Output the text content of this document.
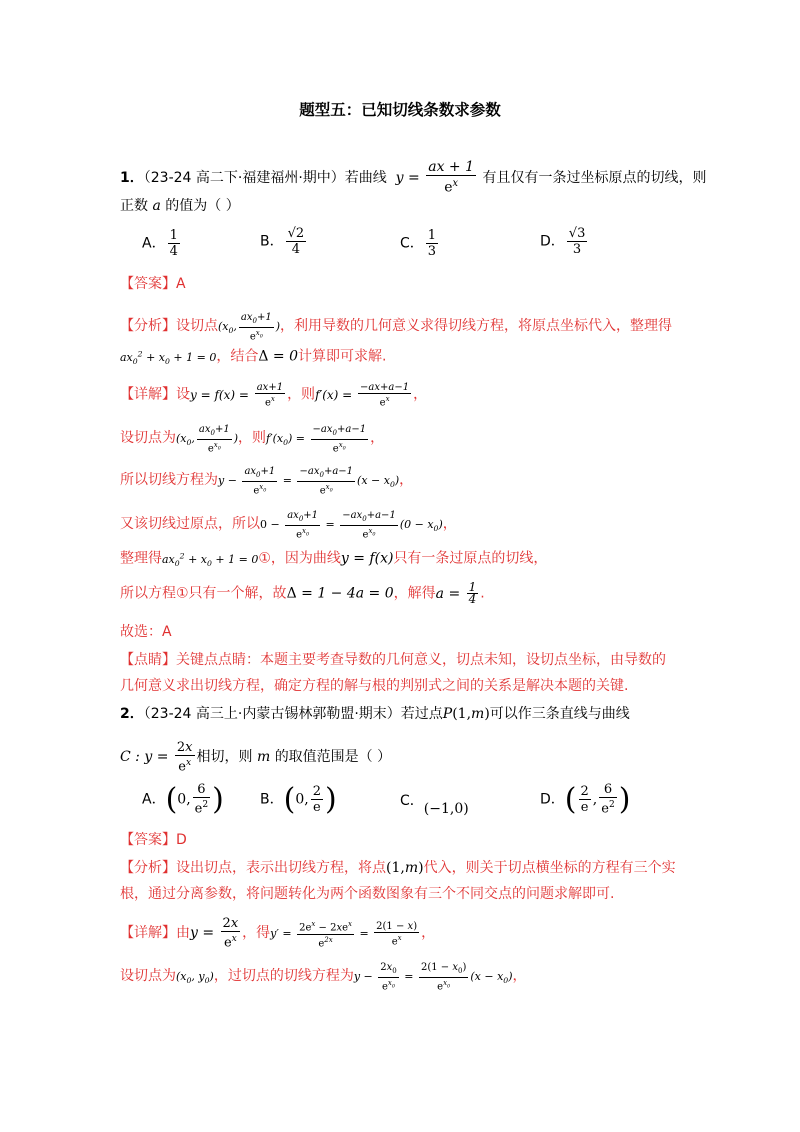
题型五：已知切线条数求参数
1．（23-24 高二下·福建福州·期中）若曲线  $y = \frac{ax + 1}{e^x}$ 有且仅有一条过坐标原点的切线，则
正数 a 的值为（ ）
A． $\frac{1}{4}$	B． $\frac{√2}{4}$	C． $\frac{1}{3}$	D． $\frac{√3}{3}$
【答案】A
【分析】设切点($x_0$, $\frac{ax_0+1}{e^{x_0}}$ )，利用导数的几何意义求得切线方程，将原点坐标代入，整理得
$ax_0^2 + x_0 + 1 = 0$，结合Δ = 0计算即可求解.
【详解】设$y = f(x) = \frac{ax+1}{e^x}$ ，则$f'(x) = \frac{-ax+a-1}{e^x}$ ，
设切点为($x_0$, $\frac{ax_0+1}{e^{x_0}}$ )，则$f'(x_0) = \frac{-ax_0+a-1}{e^{x_0}}$ ，
所以切线方程为$y - \frac{ax_0+1}{e^{x_0}} = \frac{-ax_0+a-1}{e^{x_0}} (x - x_0)$，
又该切线过原点，所以$0 - \frac{ax_0+1}{e^{x_0}} = \frac{-ax_0+a-1}{e^{x_0}} (0 - x_0)$，
整理得$ax_0^2 + x_0 + 1$ = 0①，因为曲线y = f(x)只有一条过原点的切线，
所以方程①只有一个解，故Δ = 1 − 4a = 0，解得$a = \frac{1}{4}$ .
故选：A
【点睛】关键点点睛：本题主要考查导数的几何意义，切点未知，设切点坐标，由导数的
几何意义求出切线方程，确定方程的解与根的判别式之间的关系是解决本题的关键.
2．（23-24 高三上·内蒙古锡林郭勒盟·期末）若过点P(1,m)可以作三条直线与曲线
C : $y = \frac{2x}{e^x}$ 相切，则 m 的取值范围是（ ）
A．(0, $\frac{6}{e^2}$ )	B．(0, $\frac{2}{e}$ )	C．(−1,0)
D．( $\frac{2}{e}$ , $\frac{6}{e^2}$ )
【答案】D
【分析】设出切点，表示出切线方程，将点(1,m)代入，则关于切点横坐标的方程有三个实
根，通过分离参数，将问题转化为两个函数图象有三个不同交点的问题求解即可.
【详解】由$y = \frac{2x}{e^x}$ ，得$y' = \frac{2e^x - 2xe^x}{e^{2x}} = \frac{2(1 - x)}{e^x}$ ，
设切点为($x_0$, $y_0$)，过切点的切线方程为$y - \frac{2x_0}{e^{x_0}} = \frac{2(1 - x_0)}{e^{x_0}} (x - x_0)$，
